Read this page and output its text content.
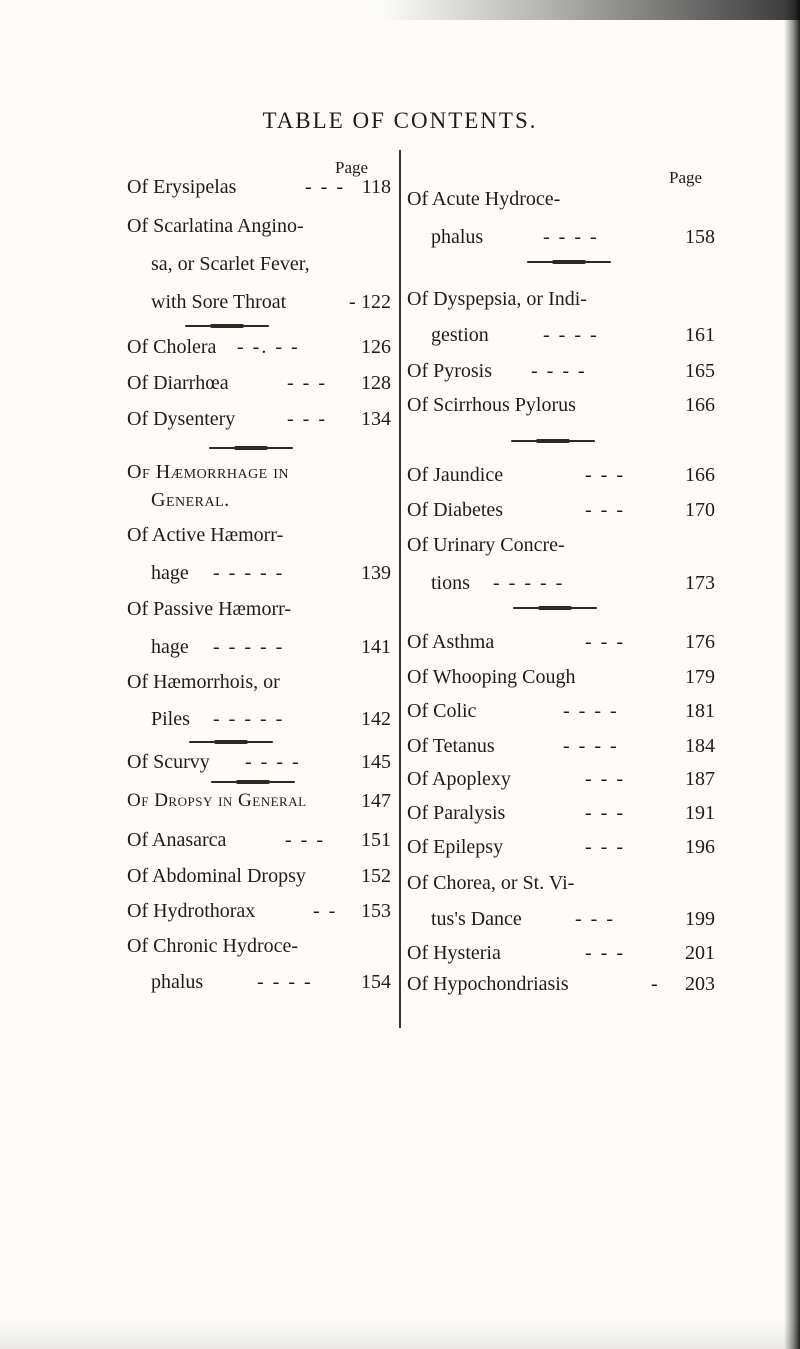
TABLE OF CONTENTS.
Page
Of Erysipelas	- - - 118
Of Scarlatina Angino-
sa, or Scarlet Fever,
with Sore Throat	- 122
Of Cholera - -. - -	126
Of Diarrhœa	- - - 128
Of Dysentery	- - - 134
Of Hæmorrhage in
General.
Of Active Hæmorr-
hage - - - - -	139
Of Passive Hæmorr-
hage - - - - -	141
Of Hæmorrhois, or
Piles - - - - -	142
Of Scurvy - - - -	145
Of Dropsy in General	147
Of Anasarca	- - - 151
Of Abdominal Dropsy	152
Of Hydrothorax	- - 153
Of Chronic Hydroce-
phalus	- - - - 154
Page
Of Acute Hydroce-
phalus	- - - -	158
Of Dyspepsia, or Indi-
gestion	- - - -	161
Of Pyrosis - - - -	165
Of Scirrhous Pylorus	166
Of Jaundice	- - -	166
Of Diabetes	- - -	170
Of Urinary Concre-
tions - - - - -	173
Of Asthma	- - -	176
Of Whooping Cough	179
Of Colic	- - - -	181
Of Tetanus	- - - -	184
Of Apoplexy	- - -	187
Of Paralysis	- - -	191
Of Epilepsy	- - -	196
Of Chorea, or St. Vi-
tus's Dance	- - -	199
Of Hysteria	- - -	201
Of Hypochondriasis	- 203
